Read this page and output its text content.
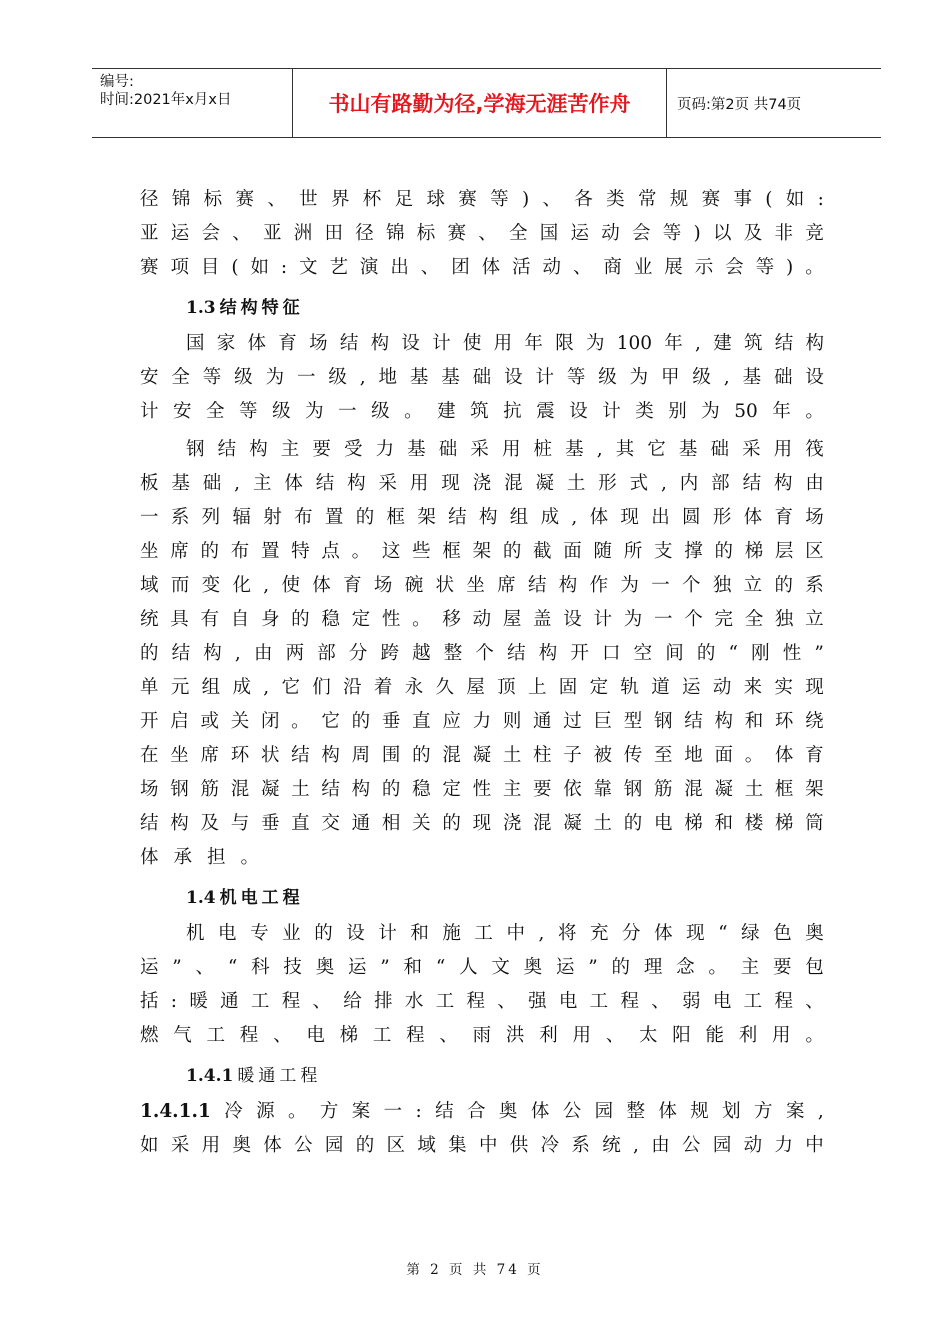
编号:
时间:2021年x月x日	书山有路勤为径,学海无涯苦作舟	页码:第2页 共74页
径 锦 标 赛 、 世 界 杯 足 球 赛 等 ) 、 各 类 常 规 赛 事 ( 如 :
亚 运 会 、 亚 洲 田 径 锦 标 赛 、 全 国 运 动 会 等 ) 以 及 非 竞
赛 项 目 ( 如 : 文 艺 演 出 、 团 体 活 动 、 商 业 展 示 会 等 ) 。
1.3 结构特征
国 家 体 育 场 结 构 设 计 使 用 年 限 为 100 年 , 建 筑 结 构
安 全 等 级 为 一 级 , 地 基 基 础 设 计 等 级 为 甲 级 , 基 础 设
计 安 全 等 级 为 一 级 。 建 筑 抗 震 设 计 类 别 为 50 年 。
钢 结 构 主 要 受 力 基 础 采 用 桩 基 , 其 它 基 础 采 用 筏
板 基 础 , 主 体 结 构 采 用 现 浇 混 凝 土 形 式 , 内 部 结 构 由
一 系 列 辐 射 布 置 的 框 架 结 构 组 成 , 体 现 出 圆 形 体 育 场
坐 席 的 布 置 特 点 。 这 些 框 架 的 截 面 随 所 支 撑 的 梯 层 区
域 而 变 化 , 使 体 育 场 碗 状 坐 席 结 构 作 为 一 个 独 立 的 系
统 具 有 自 身 的 稳 定 性 。 移 动 屋 盖 设 计 为 一 个 完 全 独 立
的 结 构 , 由 两 部 分 跨 越 整 个 结 构 开 口 空 间 的 “ 刚 性 ”
单 元 组 成 , 它 们 沿 着 永 久 屋 顶 上 固 定 轨 道 运 动 来 实 现
开 启 或 关 闭 。 它 的 垂 直 应 力 则 通 过 巨 型 钢 结 构 和 环 绕
在 坐 席 环 状 结 构 周 围 的 混 凝 土 柱 子 被 传 至 地 面 。 体 育
场 钢 筋 混 凝 土 结 构 的 稳 定 性 主 要 依 靠 钢 筋 混 凝 土 框 架
结 构 及 与 垂 直 交 通 相 关 的 现 浇 混 凝 土 的 电 梯 和 楼 梯 筒
体 承 担 。
1.4 机电工程
机 电 专 业 的 设 计 和 施 工 中 , 将 充 分 体 现 “ 绿 色 奥
运 ” 、 “ 科 技 奥 运 ” 和 “ 人 文 奥 运 ” 的 理 念 。 主 要 包
括 : 暖 通 工 程 、 给 排 水 工 程 、 强 电 工 程 、 弱 电 工 程 、
燃 气 工 程 、 电 梯 工 程 、 雨 洪 利 用 、 太 阳 能 利 用 。
1.4.1 暖通工程
1.4.1.1 冷 源 。 方 案 一 : 结 合 奥 体 公 园 整 体 规 划 方 案 ,
如 采 用 奥 体 公 园 的 区 域 集 中 供 冷 系 统 , 由 公 园 动 力 中
第 2 页 共 74 页
